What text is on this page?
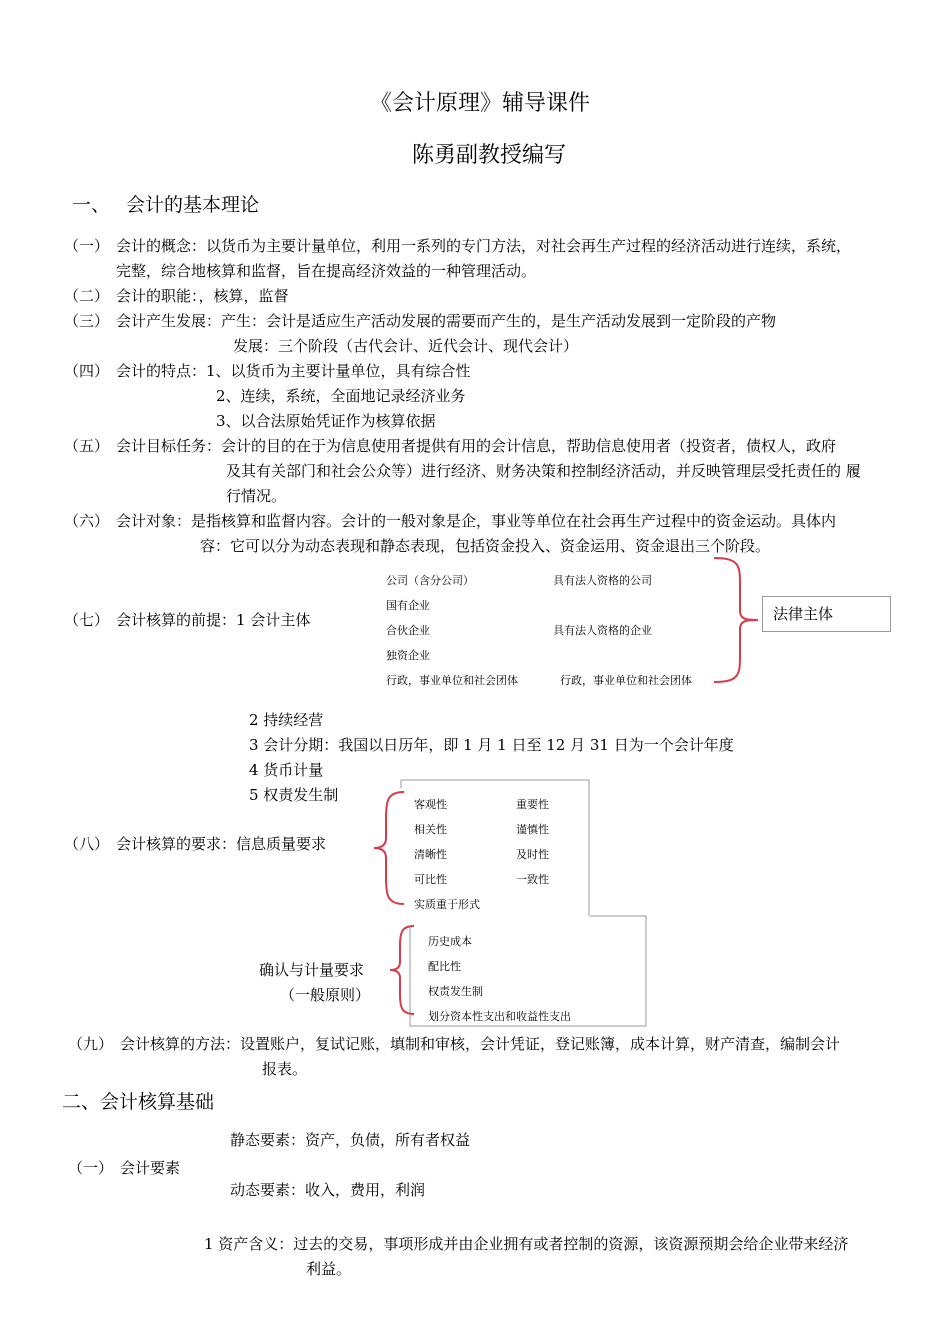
《会计原理》辅导课件
陈勇副教授编写
一、 会计的基本理论
（一） 会计的概念：以货币为主要计量单位，利用一系列的专门方法，对社会再生产过程的经济活动进行连续，系统，
完整，综合地核算和监督，旨在提高经济效益的一种管理活动。
（二） 会计的职能：，核算，监督
（三） 会计产生发展：产生：会计是适应生产活动发展的需要而产生的，是生产活动发展到一定阶段的产物
发展：三个阶段（古代会计、近代会计、现代会计）
（四） 会计的特点：1、以货币为主要计量单位，具有综合性
2、连续，系统，全面地记录经济业务
3、以合法原始凭证作为核算依据
（五） 会计目标任务：会计的目的在于为信息使用者提供有用的会计信息，帮助信息使用者（投资者，债权人，政府
及其有关部门和社会公众等）进行经济、财务决策和控制经济活动，并反映管理层受托责任的 履
行情况。
（六） 会计对象：是指核算和监督内容。会计的一般对象是企，事业等单位在社会再生产过程中的资金运动。具体内
容：它可以分为动态表现和静态表现，包括资金投入、资金运用、资金退出三个阶段。
（七） 会计核算的前提：1 会计主体
公司（含分公司）	具有法人资格的公司
国有企业
合伙企业	具有法人资格的企业
独资企业
行政，事业单位和社会团体	行政，事业单位和社会团体
法律主体
2 持续经营
3 会计分期：我国以日历年，即 1 月 1 日至 12 月 31 日为一个会计年度
4 货币计量
5 权责发生制
（八） 会计核算的要求：信息质量要求
客观性	重要性
相关性	谨慎性
清晰性	及时性
可比性	一致性
实质重于形式
确认与计量要求
（一般原则）
历史成本
配比性
权责发生制
划分资本性支出和收益性支出
（九） 会计核算的方法：设置账户，复试记账，填制和审核，会计凭证，登记账簿，成本计算，财产清查，编制会计
报表。
二、会计核算基础
静态要素：资产，负债，所有者权益
（一） 会计要素
动态要素：收入，费用，利润
1 资产含义：过去的交易，事项形成并由企业拥有或者控制的资源，该资源预期会给企业带来经济
利益。
